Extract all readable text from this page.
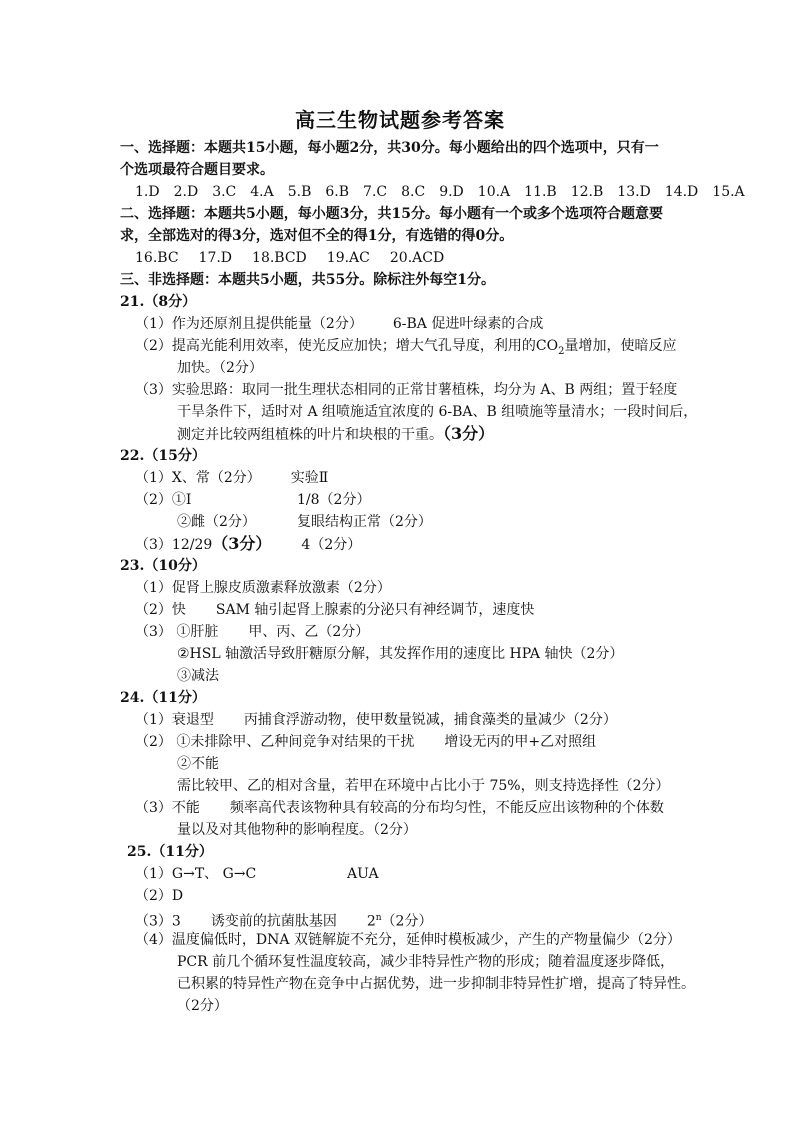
高三生物试题参考答案
一、选择题：本题共15小题，每小题2分，共30分。每小题给出的四个选项中，只有一
个选项最符合题目要求。
1.D 2.D 3.C 4.A 5.B 6.B 7.C 8.C 9.D 10.A 11.B 12.B 13.D 14.D 15.A
二、选择题：本题共5小题，每小题3分，共15分。每小题有一个或多个选项符合题意要
求，全部选对的得3分，选对但不全的得1分，有选错的得0分。
16.BC 17.D 18.BCD 19.AC 20.ACD
三、非选择题：本题共5小题，共55分。除标注外每空1分。
21.（8分）
（1）作为还原剂且提供能量（2分） 6-BA 促进叶绿素的合成
（2）提高光能利用效率，使光反应加快；增大气孔导度，利用的$CO_2$量增加，使暗反应
加快。（2分）
（3）实验思路：取同一批生理状态相同的正常甘薯植株，均分为 A、B 两组；置于轻度
干旱条件下，适时对 A 组喷施适宜浓度的 6-BA、B 组喷施等量清水；一段时间后，
测定并比较两组植株的叶片和块根的干重。（3分）
22.（15分）
（1）X、常（2分） 实验Ⅱ
（2）①Ⅰ	1/8（2分）
②雌（2分）	复眼结构正常（2分）
（3）12/29（3分） 4（2分）
23.（10分）
（1）促肾上腺皮质激素释放激素（2分）
（2）快 SAM 轴引起肾上腺素的分泌只有神经调节，速度快
（3） ①肝脏 甲、丙、乙（2分）
②HSL 轴激活导致肝糖原分解，其发挥作用的速度比 HPA 轴快（2分）
③减法
24.（11分）
（1）衰退型 丙捕食浮游动物，使甲数量锐减，捕食藻类的量减少（2分）
（2） ①未排除甲、乙种间竞争对结果的干扰 增设无丙的甲+乙对照组
②不能
需比较甲、乙的相对含量，若甲在环境中占比小于 75%，则支持选择性（2分）
（3）不能 频率高代表该物种具有较高的分布均匀性，不能反应出该物种的个体数
量以及对其他物种的影响程度。（2分）
25.（11分）
（1）G→T、 G→C	AUA
（2）D
（3）3 诱变前的抗菌肽基因 2$^n$（2分）
（4）温度偏低时，DNA 双链解旋不充分，延伸时模板减少，产生的产物量偏少（2分）
PCR 前几个循环复性温度较高，减少非特异性产物的形成；随着温度逐步降低，
已积累的特异性产物在竞争中占据优势，进一步抑制非特异性扩增，提高了特异性。
（2分）
